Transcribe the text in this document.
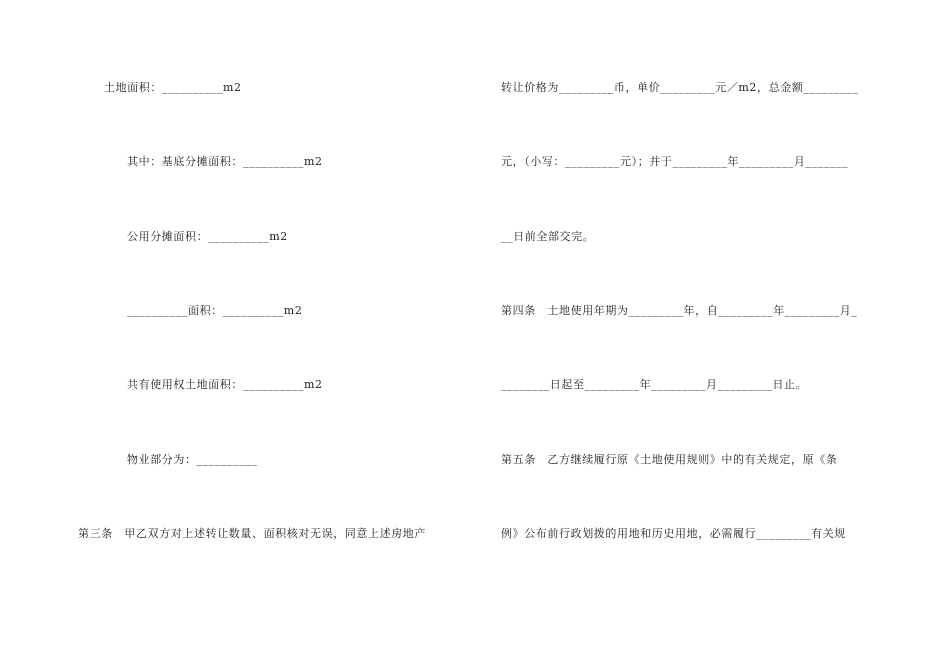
土地面积：__________m2
其中：基底分摊面积：__________m2
公用分摊面积：__________m2
__________面积：__________m2
共有使用权土地面积：__________m2
物业部分为：__________
第三条　甲乙双方对上述转让数量、面积核对无误，同意上述房地产
转让价格为_________币，单价_________元／m2，总金额_________
元，（小写：_________元）；并于_________年_________月_______
__日前全部交完。
第四条　土地使用年期为_________年，自_________年_________月_
________日起至_________年_________月_________日止。
第五条　乙方继续履行原《土地使用规则》中的有关规定，原《条
例》公布前行政划拨的用地和历史用地，必需履行_________有关规
